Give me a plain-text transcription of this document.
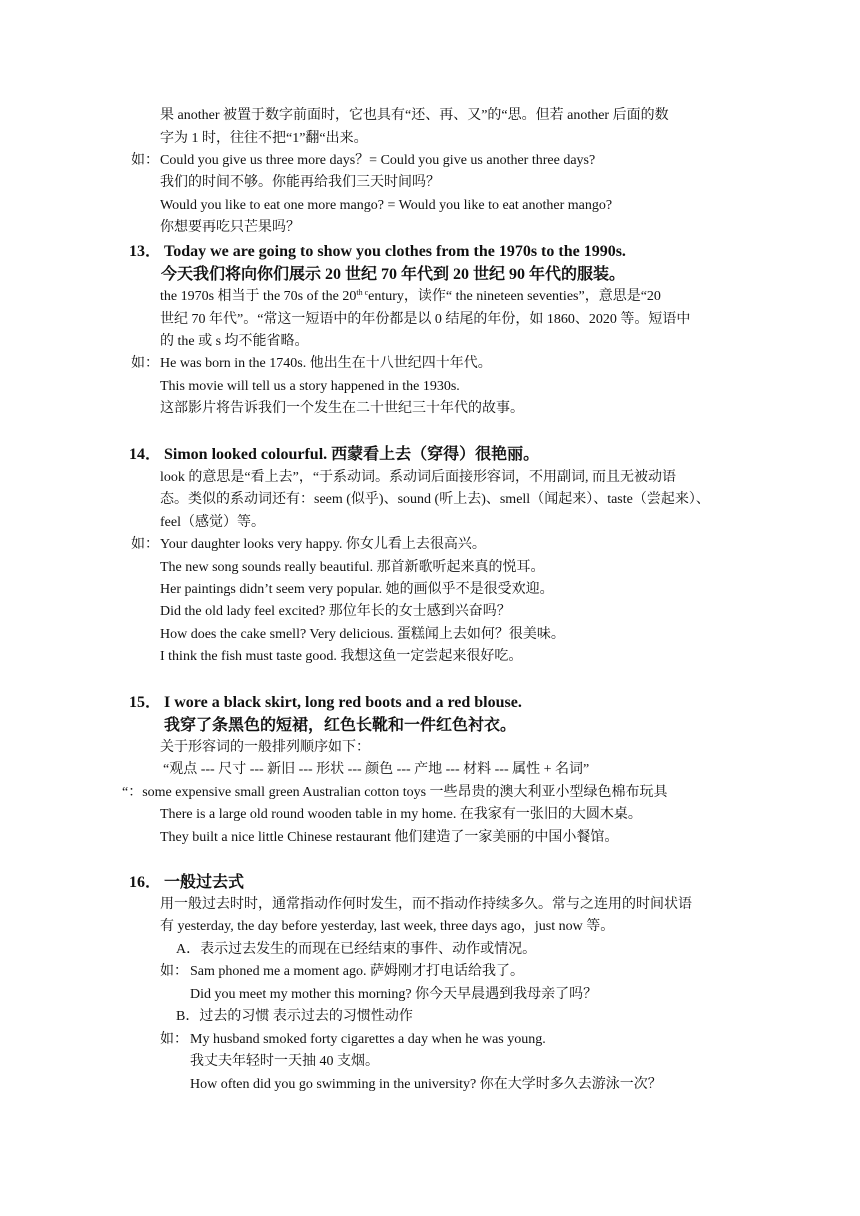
果 another 被置于数字前面时，它也具有“还、再、又”的“思。但若 another 后面的数
字为 1 时，往往不把“1”翻“出来。
如： Could you give us three more days？= Could you give us another three days?
我们的时间不够。你能再给我们三天时间吗？
Would you like to eat one more mango? = Would you like to eat another mango?
你想要再吃只芒果吗？
13． Today we are going to show you clothes from the 1970s to the 1990s.
今天我们将向你们展示 20 世纪 70 年代到 20 世纪 90 年代的服装。
the 1970s 相当于 the 70s of the $20^{th c}entury$，读作“ the nineteen seventies”，意思是“20
世纪 70 年代”。“常这一短语中的年份都是以 0 结尾的年份，如 1860、2020 等。短语中
的 the 或 s 均不能省略。
如： He was born in the 1740s. 他出生在十八世纪四十年代。
This movie will tell us a story happened in the 1930s.
这部影片将告诉我们一个发生在二十世纪三十年代的故事。
14． Simon looked colourful. 西蒙看上去（穿得）很艳丽。
look 的意思是“看上去”，“于系动词。系动词后面接形容词，不用副词, 而且无被动语
态。类似的系动词还有：seem (似乎)、sound (听上去)、smell（闻起来）、taste（尝起来）、
feel（感觉）等。
如： Your daughter looks very happy. 你女儿看上去很高兴。
The new song sounds really beautiful. 那首新歌听起来真的悦耳。
Her paintings didn’t seem very popular. 她的画似乎不是很受欢迎。
Did the old lady feel excited? 那位年长的女士感到兴奋吗？
How does the cake smell? Very delicious. 蛋糕闻上去如何？很美味。
I think the fish must taste good. 我想这鱼一定尝起来很好吃。
15． I wore a black skirt, long red boots and a red blouse.
我穿了条黑色的短裙，红色长靴和一件红色衬衣。
关于形容词的一般排列顺序如下：
“观点 --- 尺寸 --- 新旧 --- 形状 --- 颜色 --- 产地 --- 材料 --- 属性 + 名词”
“：some expensive small green Australian cotton toys 一些昂贵的澳大利亚小型绿色棉布玩具
There is a large old round wooden table in my home. 在我家有一张旧的大圆木桌。
They built a nice little Chinese restaurant 他们建造了一家美丽的中国小餐馆。
16． 一般过去式
用一般过去时时，通常指动作何时发生，而不指动作持续多久。常与之连用的时间状语
有 yesterday, the day before yesterday, last week, three days ago，just now 等。
A．表示过去发生的而现在已经结束的事件、动作或情况。
如： Sam phoned me a moment ago. 萨姆刚才打电话给我了。
Did you meet my mother this morning? 你今天早晨遇到我母亲了吗？
B．过去的习惯 表示过去的习惯性动作
如： My husband smoked forty cigarettes a day when he was young.
我丈夫年轻时一天抽 40 支烟。
How often did you go swimming in the university? 你在大学时多久去游泳一次？
